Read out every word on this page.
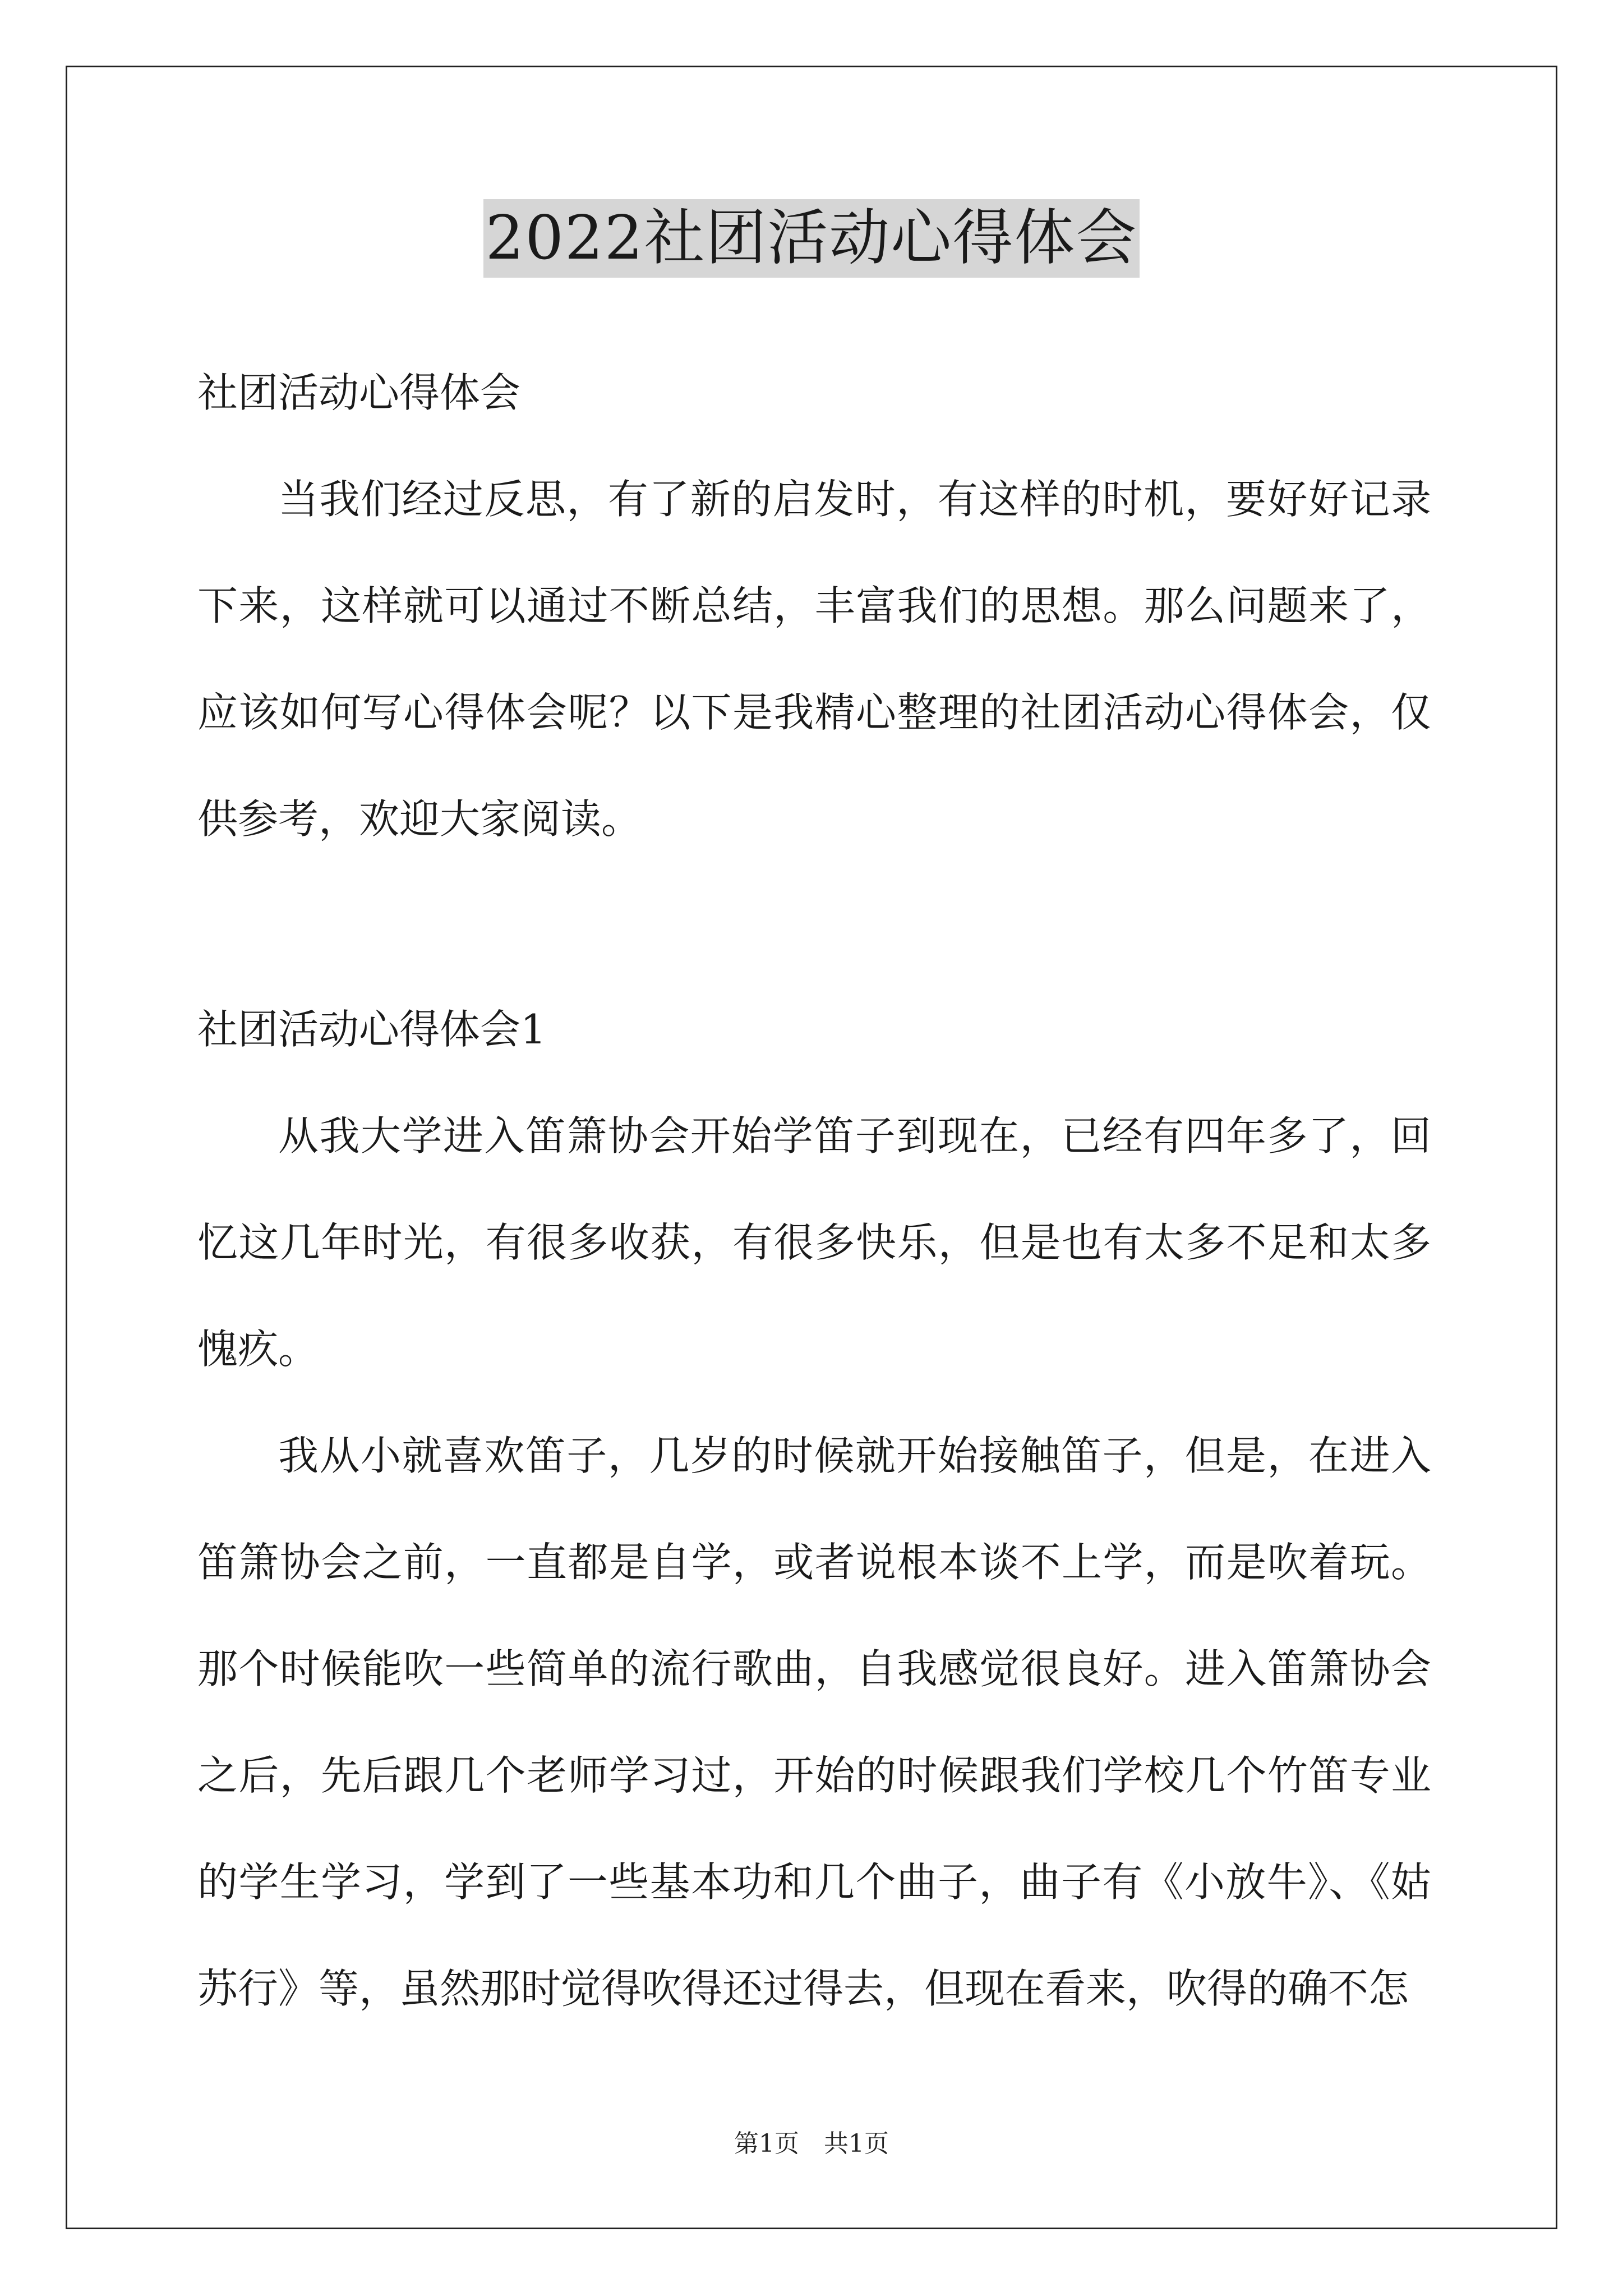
2022社团活动心得体会

社团活动心得体会

当我们经过反思，有了新的启发时，有这样的时机，要好好记录下来，这样就可以通过不断总结，丰富我们的思想。那么问题来了，应该如何写心得体会呢？以下是我精心整理的社团活动心得体会，仅供参考，欢迎大家阅读。

社团活动心得体会1

从我大学进入笛箫协会开始学笛子到现在，已经有四年多了，回忆这几年时光，有很多收获，有很多快乐，但是也有太多不足和太多愧疚。

我从小就喜欢笛子，几岁的时候就开始接触笛子，但是，在进入笛箫协会之前，一直都是自学，或者说根本谈不上学，而是吹着玩。那个时候能吹一些简单的流行歌曲，自我感觉很良好。进入笛箫协会之后，先后跟几个老师学习过，开始的时候跟我们学校几个竹笛专业的学生学习，学到了一些基本功和几个曲子，曲子有《小放牛》、《姑苏行》等，虽然那时觉得吹得还过得去，但现在看来，吹得的确不怎

第1页　共1页
